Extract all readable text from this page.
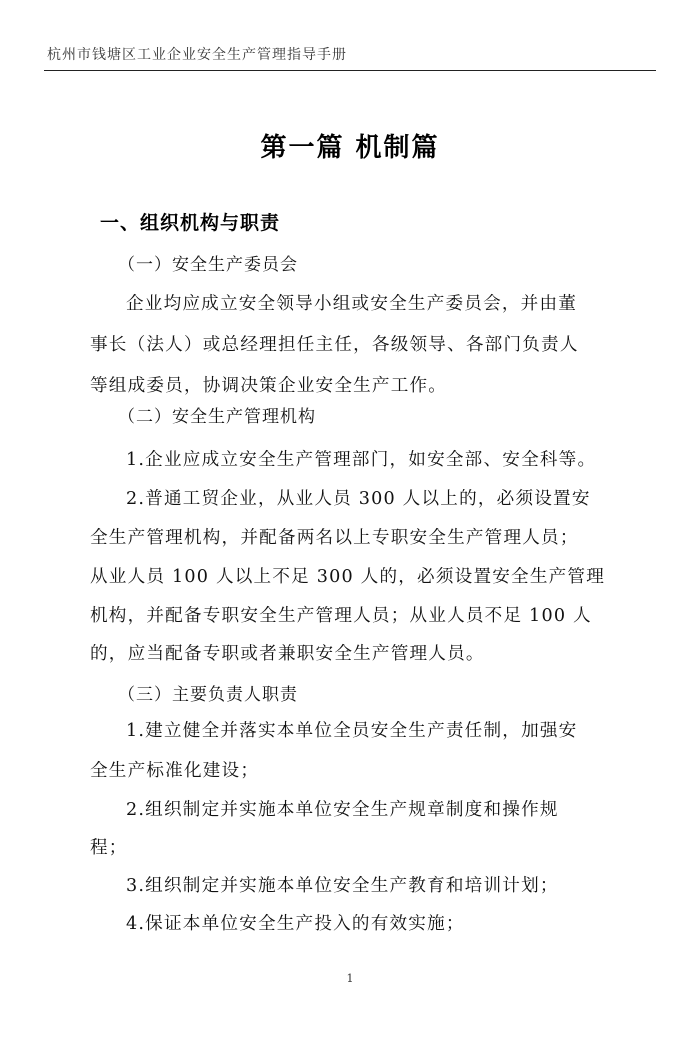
杭州市钱塘区工业企业安全生产管理指导手册
第一篇 机制篇
一、组织机构与职责
（一）安全生产委员会
企业均应成立安全领导小组或安全生产委员会，并由董
事长（法人）或总经理担任主任，各级领导、各部门负责人
等组成委员，协调决策企业安全生产工作。
（二）安全生产管理机构
1.企业应成立安全生产管理部门，如安全部、安全科等。
2.普通工贸企业，从业人员 300 人以上的，必须设置安
全生产管理机构，并配备两名以上专职安全生产管理人员；
从业人员 100 人以上不足 300 人的，必须设置安全生产管理
机构，并配备专职安全生产管理人员；从业人员不足 100 人
的，应当配备专职或者兼职安全生产管理人员。
（三）主要负责人职责
1.建立健全并落实本单位全员安全生产责任制，加强安
全生产标准化建设；
2.组织制定并实施本单位安全生产规章制度和操作规
程；
3.组织制定并实施本单位安全生产教育和培训计划；
4.保证本单位安全生产投入的有效实施；
1
